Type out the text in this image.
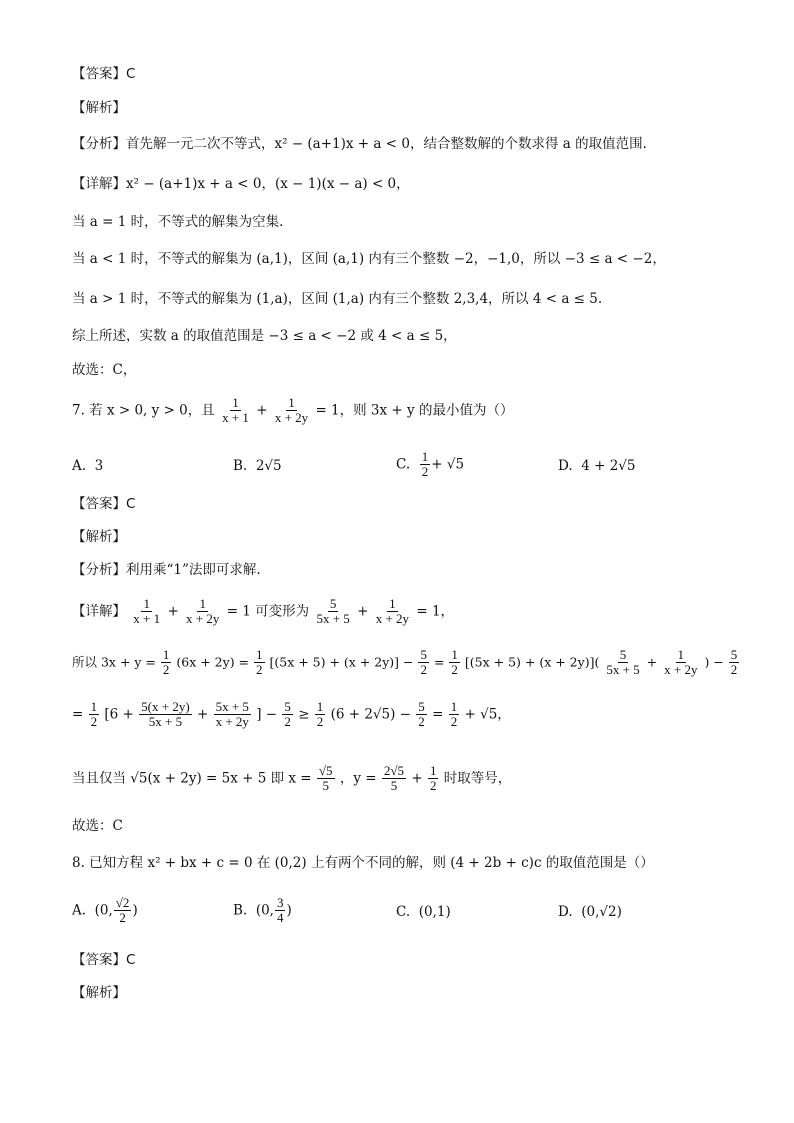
【答案】C
【解析】
【分析】首先解一元二次不等式，x² − (a+1)x + a < 0，结合整数解的个数求得 a 的取值范围.
【详解】x² − (a+1)x + a < 0，(x − 1)(x − a) < 0，
当 a = 1 时，不等式的解集为空集.
当 a < 1 时，不等式的解集为 (a,1)，区间 (a,1) 内有三个整数 −2，−1,0，所以 −3 ≤ a < −2，
当 a > 1 时，不等式的解集为 (1,a)，区间 (1,a) 内有三个整数 2,3,4，所以 4 < a ≤ 5.
综上所述，实数 a 的取值范围是 −3 ≤ a < −2 或 4 < a ≤ 5，
故选：C，
7. 若 x > 0, y > 0，且 $\frac{1}{x + 1} + \frac{1}{x + 2y} = 1$，则 3x + y 的最小值为（）
A. 3	B. 2√5	C. $\frac{1}{2} + √5$	D. 4 + 2√5
【答案】C
【解析】
【分析】利用乘“1”法即可求解.
【详解】 $\frac{1}{x + 1} + \frac{1}{x + 2y} = 1$ 可变形为 $\frac{5}{5x + 5} + \frac{1}{x + 2y} = 1$，
所以 $3x + y = \frac{1}{2} (6x + 2y) = \frac{1}{2} [(5x + 5) + (x + 2y)] - \frac{5}{2} = \frac{1}{2} [(5x + 5) + (x + 2y)]( \frac{5}{5x + 5} + \frac{1}{x + 2y}$ ) − $\frac{5}{2}$
= $\frac{1}{2} [6 + \frac{5(x + 2y)}{5x + 5} + \frac{5x + 5}{x + 2y}$ ] − $\frac{5}{2} \ge \frac{1}{2} (6 + 2√5) - \frac{5}{2} = \frac{1}{2} + √5$，
当且仅当 √5(x + 2y) = 5x + 5 即 $x = \frac{√5}{5}$ ，$y = \frac{2√5}{5} + \frac{1}{2}$ 时取等号，
故选：C
8. 已知方程 x² + bx + c = 0 在 (0,2) 上有两个不同的解，则 (4 + 2b + c)c 的取值范围是（）
A. (0, $\frac{√2}{2}$ )	B. (0, $\frac{3}{4}$ )	C. (0,1)	D. (0,√2)
【答案】C
【解析】
